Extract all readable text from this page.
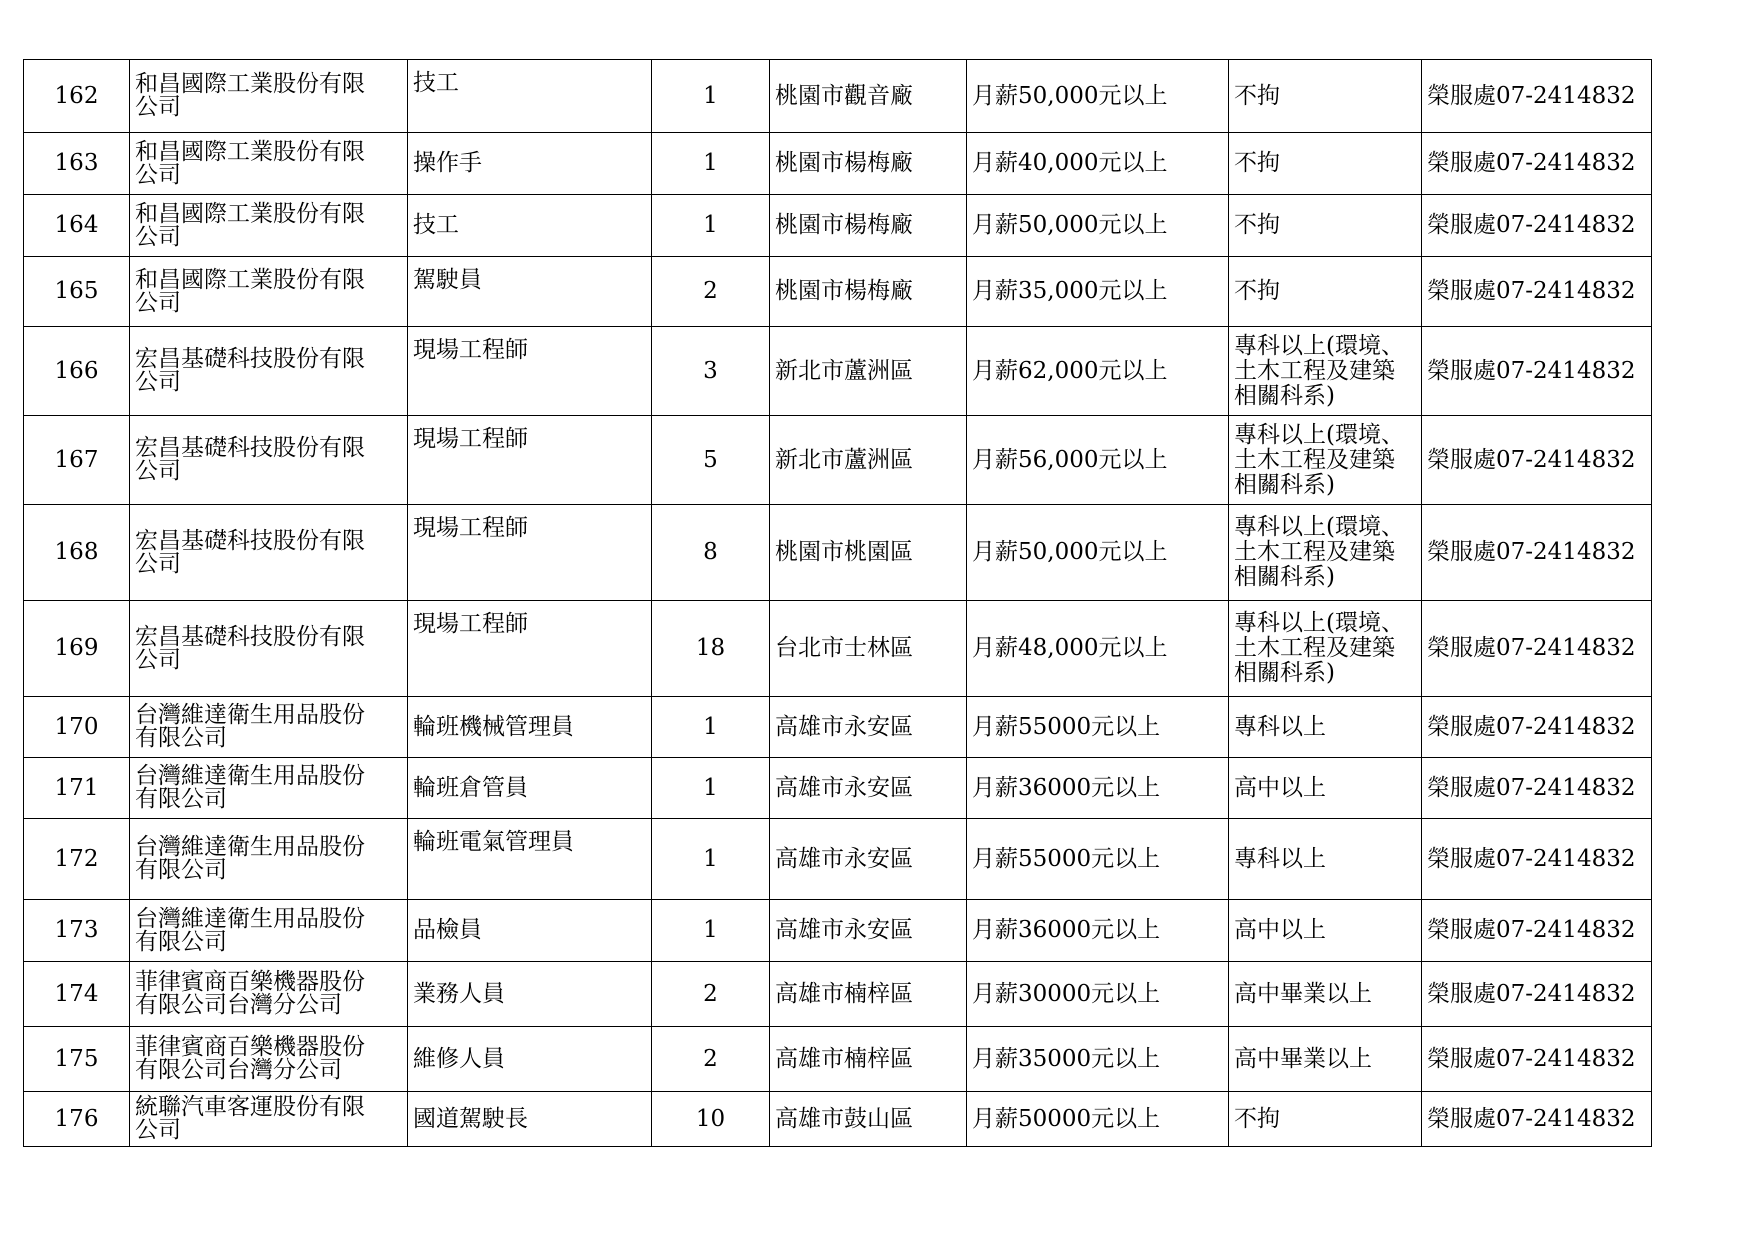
162	和昌國際工業股份有限
公司	技工	1	桃園市觀音廠	月薪50,000元以上	不拘	榮服處07-2414832
163	和昌國際工業股份有限
公司	操作手	1	桃園市楊梅廠	月薪40,000元以上	不拘	榮服處07-2414832
164	和昌國際工業股份有限
公司	技工	1	桃園市楊梅廠	月薪50,000元以上	不拘	榮服處07-2414832
165	和昌國際工業股份有限
公司	駕駛員	2	桃園市楊梅廠	月薪35,000元以上	不拘	榮服處07-2414832
166	宏昌基礎科技股份有限
公司	現場工程師	3	新北市蘆洲區	月薪62,000元以上	專科以上(環境、
土木工程及建築
相關科系)	榮服處07-2414832
167	宏昌基礎科技股份有限
公司	現場工程師	5	新北市蘆洲區	月薪56,000元以上	專科以上(環境、
土木工程及建築
相關科系)	榮服處07-2414832
168	宏昌基礎科技股份有限
公司	現場工程師	8	桃園市桃園區	月薪50,000元以上	專科以上(環境、
土木工程及建築
相關科系)	榮服處07-2414832
169	宏昌基礎科技股份有限
公司	現場工程師	18	台北市士林區	月薪48,000元以上	專科以上(環境、
土木工程及建築
相關科系)	榮服處07-2414832
170	台灣維達衛生用品股份
有限公司	輪班機械管理員	1	高雄市永安區	月薪55000元以上	專科以上	榮服處07-2414832
171	台灣維達衛生用品股份
有限公司	輪班倉管員	1	高雄市永安區	月薪36000元以上	高中以上	榮服處07-2414832
172	台灣維達衛生用品股份
有限公司	輪班電氣管理員	1	高雄市永安區	月薪55000元以上	專科以上	榮服處07-2414832
173	台灣維達衛生用品股份
有限公司	品檢員	1	高雄市永安區	月薪36000元以上	高中以上	榮服處07-2414832
174	菲律賓商百樂機器股份
有限公司台灣分公司	業務人員	2	高雄市楠梓區	月薪30000元以上	高中畢業以上	榮服處07-2414832
175	菲律賓商百樂機器股份
有限公司台灣分公司	維修人員	2	高雄市楠梓區	月薪35000元以上	高中畢業以上	榮服處07-2414832
176	統聯汽車客運股份有限
公司	國道駕駛長	10	高雄市鼓山區	月薪50000元以上	不拘	榮服處07-2414832
